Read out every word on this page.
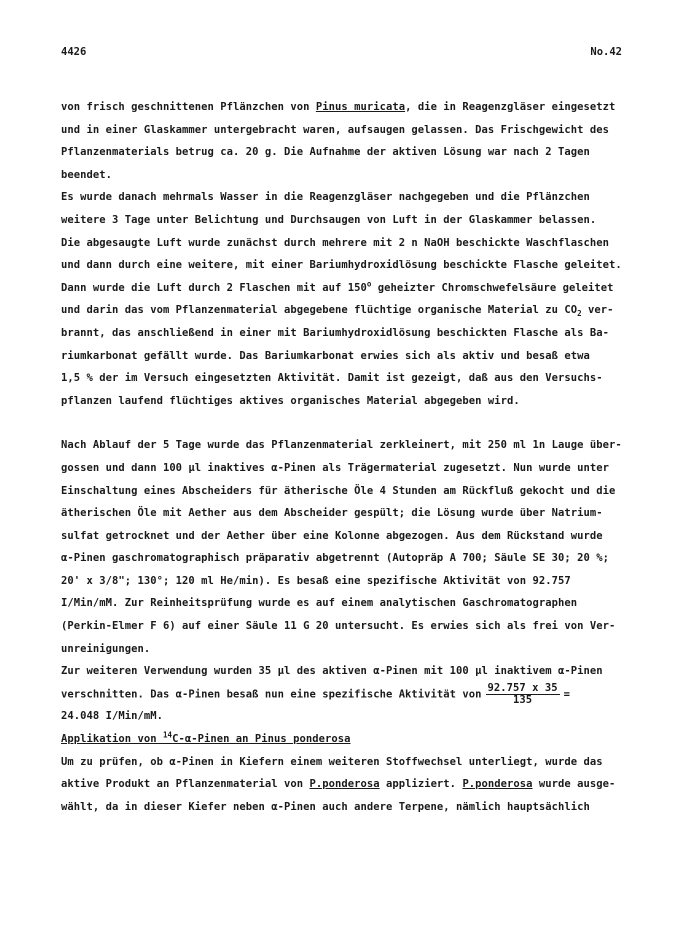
4426	No.42
von frisch geschnittenen Pflänzchen von Pinus muricata, die in Reagenzgläser eingesetzt
und in einer Glaskammer untergebracht waren, aufsaugen gelassen. Das Frischgewicht des
Pflanzenmaterials betrug ca. 20 g. Die Aufnahme der aktiven Lösung war nach 2 Tagen
beendet.
Es wurde danach mehrmals Wasser in die Reagenzgläser nachgegeben und die Pflänzchen
weitere 3 Tage unter Belichtung und Durchsaugen von Luft in der Glaskammer belassen.
Die abgesaugte Luft wurde zunächst durch mehrere mit 2 n NaOH beschickte Waschflaschen
und dann durch eine weitere, mit einer Bariumhydroxidlösung beschickte Flasche geleitet.
Dann wurde die Luft durch 2 Flaschen mit auf 150$^o$ geheizter Chromschwefelsäure geleitet
und darin das vom Pflanzenmaterial abgegebene flüchtige organische Material zu $CO_2$ ver-
brannt, das anschließend in einer mit Bariumhydroxidlösung beschickten Flasche als Ba-
riumkarbonat gefällt wurde. Das Bariumkarbonat erwies sich als aktiv und besaß etwa
1,5 % der im Versuch eingesetzten Aktivität. Damit ist gezeigt, daß aus den Versuchs-
pflanzen laufend flüchtiges aktives organisches Material abgegeben wird.
Nach Ablauf der 5 Tage wurde das Pflanzenmaterial zerkleinert, mit 250 ml 1n Lauge über-
gossen und dann 100 µl inaktives α-Pinen als Trägermaterial zugesetzt. Nun wurde unter
Einschaltung eines Abscheiders für ätherische Öle 4 Stunden am Rückfluß gekocht und die
ätherischen Öle mit Aether aus dem Abscheider gespült; die Lösung wurde über Natrium-
sulfat getrocknet und der Aether über eine Kolonne abgezogen. Aus dem Rückstand wurde
α-Pinen gaschromatographisch präparativ abgetrennt (Autopräp A 700; Säule SE 30; 20 %;
20' x 3/8"; 130°; 120 ml He/min). Es besaß eine spezifische Aktivität von 92.757
I/Min/mM. Zur Reinheitsprüfung wurde es auf einem analytischen Gaschromatographen
(Perkin-Elmer F 6) auf einer Säule 11 G 20 untersucht. Es erwies sich als frei von Ver-
unreinigungen.
Zur weiteren Verwendung wurden 35 µl des aktiven α-Pinen mit 100 µl inaktivem α-Pinen
verschnitten. Das α-Pinen besaß nun eine spezifische Aktivität von $\frac{92.757 x 35}{135}$ =
24.048 I/Min/mM.
Applikation von $^{14}$C-α-Pinen an Pinus ponderosa
Um zu prüfen, ob α-Pinen in Kiefern einem weiteren Stoffwechsel unterliegt, wurde das
aktive Produkt an Pflanzenmaterial von P.ponderosa appliziert. P.ponderosa wurde ausge-
wählt, da in dieser Kiefer neben α-Pinen auch andere Terpene, nämlich hauptsächlich
